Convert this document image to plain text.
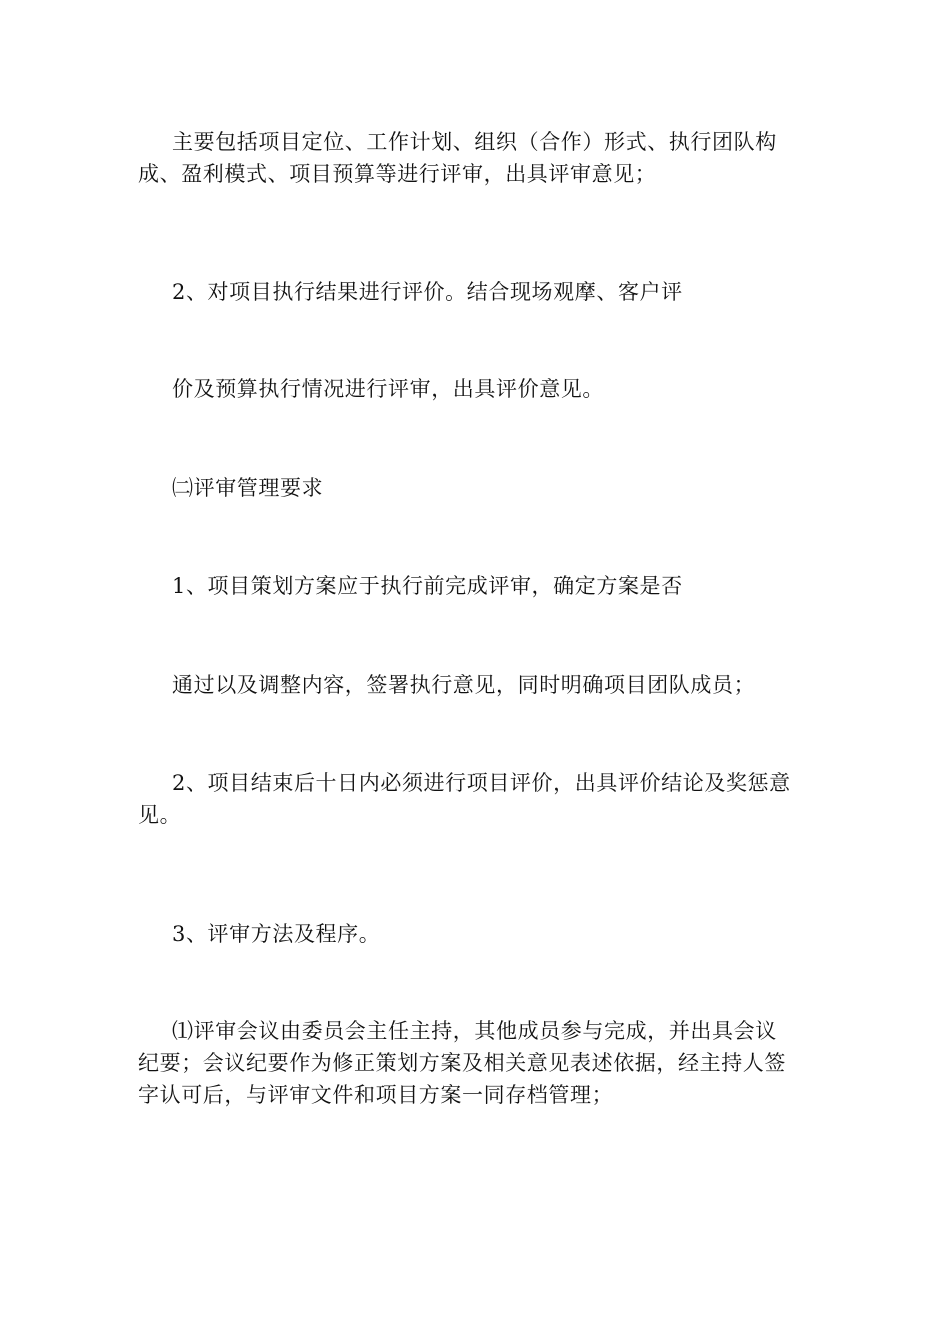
主要包括项目定位、工作计划、组织（合作）形式、执行团队构
成、盈利模式、项目预算等进行评审，出具评审意见；
2、对项目执行结果进行评价。结合现场观摩、客户评
价及预算执行情况进行评审，出具评价意见。
㈡评审管理要求
1、项目策划方案应于执行前完成评审，确定方案是否
通过以及调整内容，签署执行意见，同时明确项目团队成员；
2、项目结束后十日内必须进行项目评价，出具评价结论及奖惩意
见。
3、评审方法及程序。
⑴评审会议由委员会主任主持，其他成员参与完成，并出具会议
纪要；会议纪要作为修正策划方案及相关意见表述依据，经主持人签
字认可后，与评审文件和项目方案一同存档管理；
